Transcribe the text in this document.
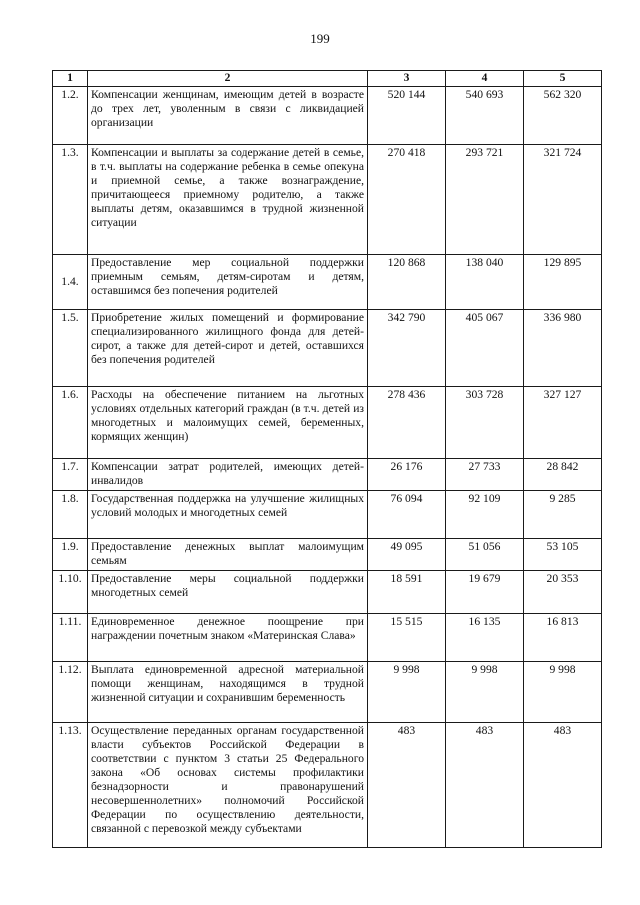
199
1	2	3	4	5
1.2.	Компенсации женщинам, имеющим детей в возрасте до трех лет, уволенным в связи с ликвидацией организации	520 144	540 693	562 320
1.3.	Компенсации и выплаты за содержание детей в семье, в т.ч. выплаты на содержание ребенка в семье опекуна и приемной семье, а также вознаграждение, причитающееся приемному родителю, а также выплаты детям, оказавшимся в трудной жизненной ситуации	270 418	293 721	321 724
1.4.	Предоставление мер социальной поддержки приемным семьям, детям-сиротам и детям, оставшимся без попечения родителей	120 868	138 040	129 895
1.5.	Приобретение жилых помещений и формирование специализированного жилищного фонда для детей-сирот, а также для детей-сирот и детей, оставшихся без попечения родителей	342 790	405 067	336 980
1.6.	Расходы на обеспечение питанием на льготных условиях отдельных категорий граждан (в т.ч. детей из многодетных и малоимущих семей, беременных, кормящих женщин)	278 436	303 728	327 127
1.7.	Компенсации затрат родителей, имеющих детей-инвалидов	26 176	27 733	28 842
1.8.	Государственная поддержка на улучшение жилищных условий молодых и многодетных семей	76 094	92 109	9 285
1.9.	Предоставление денежных выплат малоимущим семьям	49 095	51 056	53 105
1.10.	Предоставление меры социальной поддержки многодетных семей	18 591	19 679	20 353
1.11.	Единовременное денежное поощрение при награждении почетным знаком «Материнская Слава»	15 515	16 135	16 813
1.12.	Выплата единовременной адресной материальной помощи женщинам, находящимся в трудной жизненной ситуации и сохранившим беременность	9 998	9 998	9 998
1.13.	Осуществление переданных органам государственной власти субъектов Российской Федерации в соответствии с пунктом 3 статьи 25 Федерального закона «Об основах системы профилактики безнадзорности и правонарушений несовершеннолетних» полномочий Российской Федерации по осуществлению деятельности, связанной с перевозкой между субъектами	483	483	483
